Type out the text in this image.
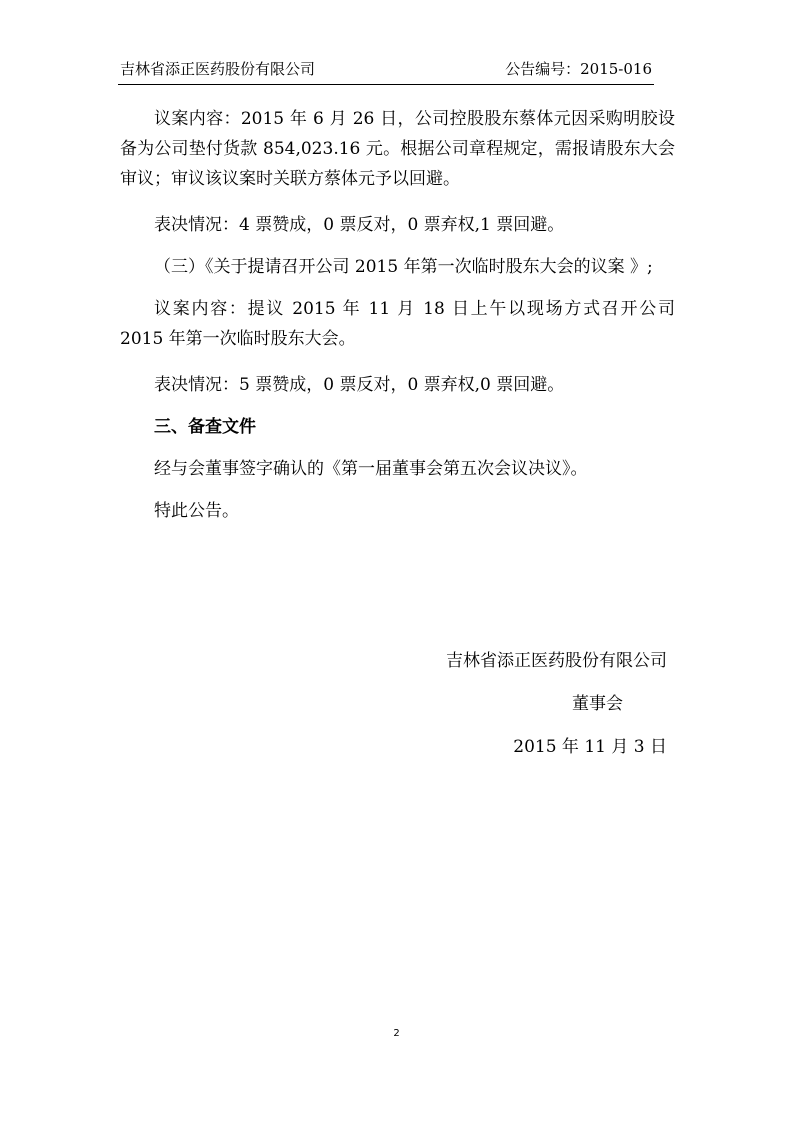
吉林省添正医药股份有限公司	公告编号：2015-016

议案内容：2015 年 6 月 26 日，公司控股股东蔡体元因采购明胶设备为公司垫付货款 854,023.16 元。根据公司章程规定，需报请股东大会审议；审议该议案时关联方蔡体元予以回避。

表决情况：4 票赞成，0 票反对，0 票弃权,1 票回避。

（三）《关于提请召开公司 2015 年第一次临时股东大会的议案 》;

议案内容：提议 2015 年 11 月 18 日上午以现场方式召开公司 2015 年第一次临时股东大会。

表决情况：5 票赞成，0 票反对，0 票弃权,0 票回避。

三、备查文件

经与会董事签字确认的《第一届董事会第五次会议决议》。

特此公告。

吉林省添正医药股份有限公司
董事会
2015 年 11 月 3 日
2
